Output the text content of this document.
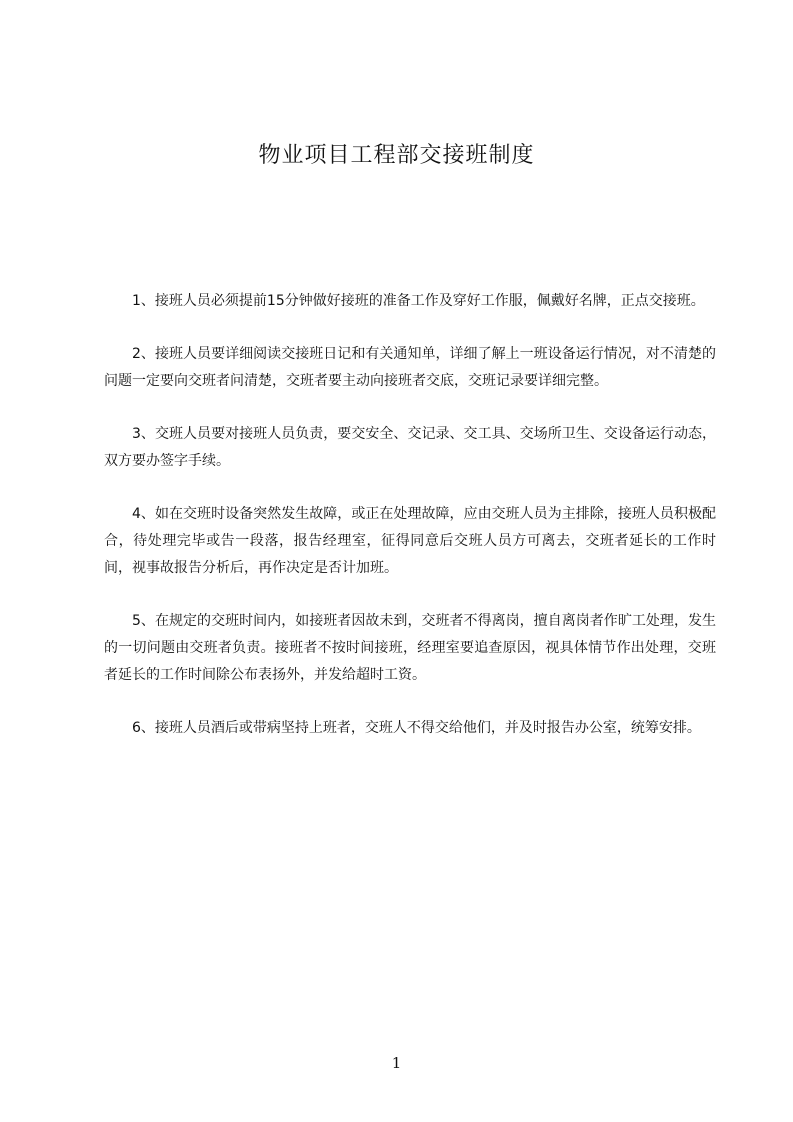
物业项目工程部交接班制度

1、接班人员必须提前15分钟做好接班的准备工作及穿好工作服，佩戴好名牌，正点交接班。

2、接班人员要详细阅读交接班日记和有关通知单，详细了解上一班设备运行情况，对不清楚的问题一定要向交班者问清楚，交班者要主动向接班者交底，交班记录要详细完整。

3、交班人员要对接班人员负责，要交安全、交记录、交工具、交场所卫生、交设备运行动态，双方要办签字手续。

4、如在交班时设备突然发生故障，或正在处理故障，应由交班人员为主排除，接班人员积极配合，待处理完毕或告一段落，报告经理室，征得同意后交班人员方可离去，交班者延长的工作时间，视事故报告分析后，再作决定是否计加班。

5、在规定的交班时间内，如接班者因故未到，交班者不得离岗，擅自离岗者作旷工处理，发生的一切问题由交班者负责。接班者不按时间接班，经理室要追查原因，视具体情节作出处理，交班者延长的工作时间除公布表扬外，并发给超时工资。

6、接班人员酒后或带病坚持上班者，交班人不得交给他们，并及时报告办公室，统筹安排。

1
